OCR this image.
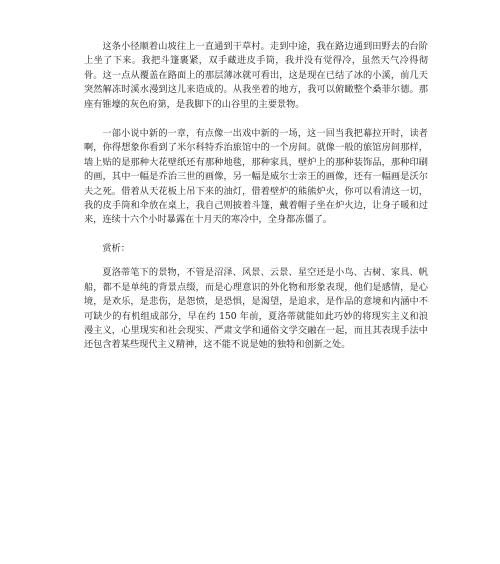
这条小径顺着山坡往上一直通到干草村。走到中途，我在路边通到田野去的台阶上坐了下来。我把斗篷裹紧，双手藏进皮手筒，我并没有觉得冷，虽然天气冷得彻骨。这一点从覆盖在路面上的那层薄冰就可看出，这是现在已结了冰的小溪，前几天突然解冻时溪水漫到这儿来造成的。从我坐着的地方，我可以俯瞰整个桑菲尔德。那座有锥壕的灰色府第，是我脚下的山谷里的主要景物。

一部小说中新的一章，有点像一出戏中新的一场，这一回当我把幕拉开时，读者啊，你得想象你看到了米尔科特乔治旅馆中的一个房间。就像一般的旅馆房间那样，墙上贴的是那种大花壁纸还有那种地毯，那种家具，壁炉上的那种装饰品，那种印刷的画，其中一幅是乔治三世的画像，另一幅是威尔士亲王的画像，还有一幅画是沃尔夫之死。借着从天花板上吊下来的油灯，借着壁炉的熊熊炉火，你可以看清这一切，我的皮手筒和伞放在桌上，我自己则披着斗篷，戴着帽子坐在炉火边，让身子暖和过来，连续十六个小时暴露在十月天的寒冷中，全身都冻僵了。

赏析：

夏洛蒂笔下的景物，不管是沼泽、风景、云景、星空还是小鸟、古树、家具、帆船，都不是单纯的背景点缀，而是心理意识的外化物和形象表现，他们是感情，是心境，是欢乐，是悲伤，是怨愤，是恐惧，是渴望，是追求，是作品的意境和内涵中不可缺少的有机组成部分，早在约 150 年前，夏洛蒂就能如此巧妙的将现实主义和浪漫主义，心里现实和社会现实、严肃文学和通俗文学交融在一起，而且其表现手法中还包含着某些现代主义精神，这不能不说是她的独特和创新之处。
